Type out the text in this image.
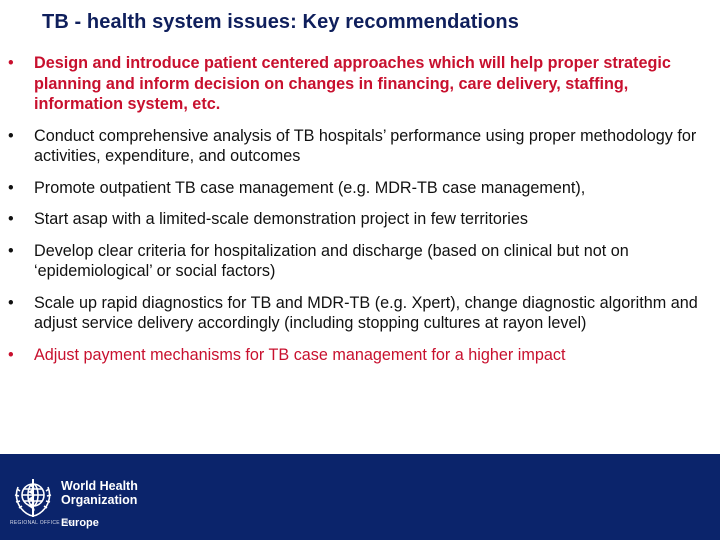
TB - health system issues: Key recommendations
•	Design and introduce patient centered approaches which will help proper strategic planning and inform decision on changes in financing, care delivery, staffing, information system, etc.
•	Conduct comprehensive analysis of TB hospitals’ performance using proper methodology for activities, expenditure, and outcomes
•	Promote outpatient TB case management (e.g. MDR-TB case management),
•	Start asap with a limited-scale demonstration project in few territories
•	Develop clear criteria for hospitalization and discharge (based on clinical but not on ‘epidemiological’ or social factors)
•	Scale up rapid diagnostics for TB and MDR-TB (e.g. Xpert), change diagnostic algorithm and adjust service delivery accordingly (including stopping cultures at rayon level)
•	Adjust payment mechanisms for TB case management for a higher impact
World Health
Organization
REGIONAL OFFICE FOR
Europe
